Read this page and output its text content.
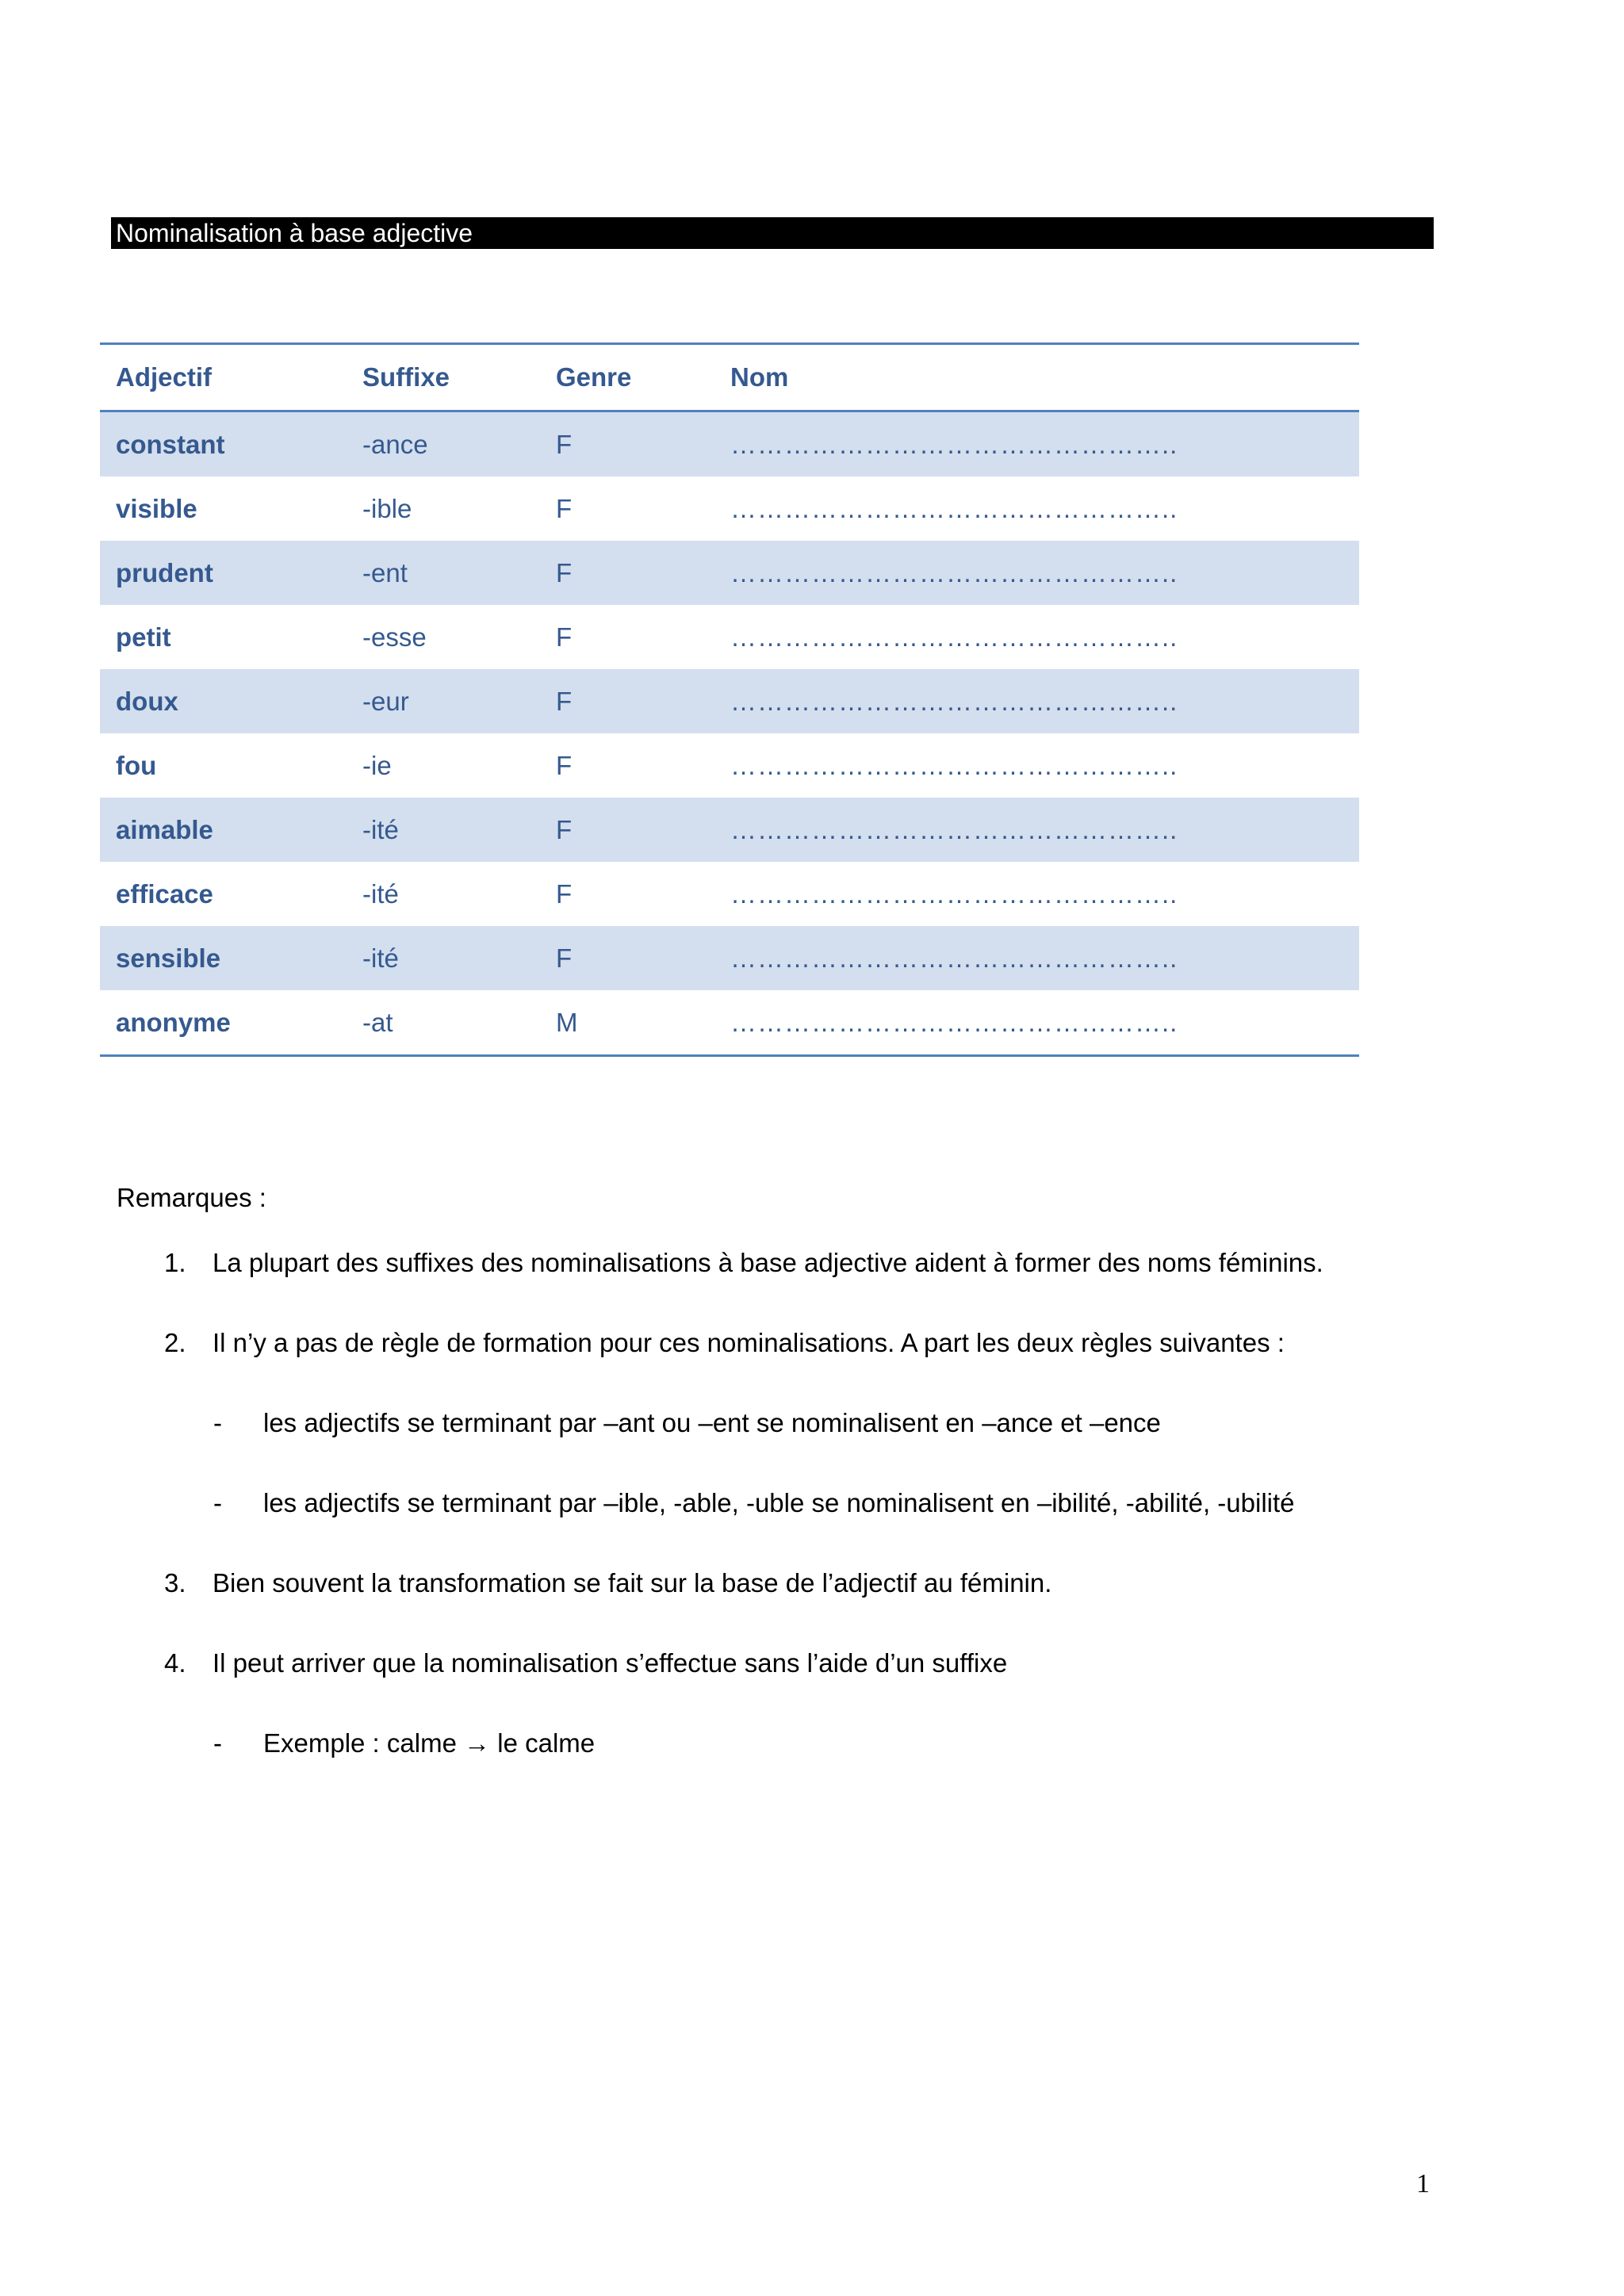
Nominalisation à base adjective
Adjectif	Suffixe	Genre	Nom
constant	-ance	F	…………………………………………..
visible	-ible	F	…………………………………………..
prudent	-ent	F	…………………………………………..
petit	-esse	F	…………………………………………..
doux	-eur	F	…………………………………………..
fou	-ie	F	…………………………………………..
aimable	-ité	F	…………………………………………..
efficace	-ité	F	…………………………………………..
sensible	-ité	F	…………………………………………..
anonyme	-at	M	…………………………………………..

Remarques :

1. La plupart des suffixes des nominalisations à base adjective aident à former des noms féminins.
2. Il n’y a pas de règle de formation pour ces nominalisations. A part les deux règles suivantes :
- les adjectifs se terminant par –ant ou –ent se nominalisent en –ance et –ence
- les adjectifs se terminant par –ible, -able, -uble se nominalisent en –ibilité, -abilité, -ubilité
3. Bien souvent la transformation se fait sur la base de l’adjectif au féminin.
4. Il peut arriver que la nominalisation s’effectue sans l’aide d’un suffixe
- Exemple : calme → le calme
1
